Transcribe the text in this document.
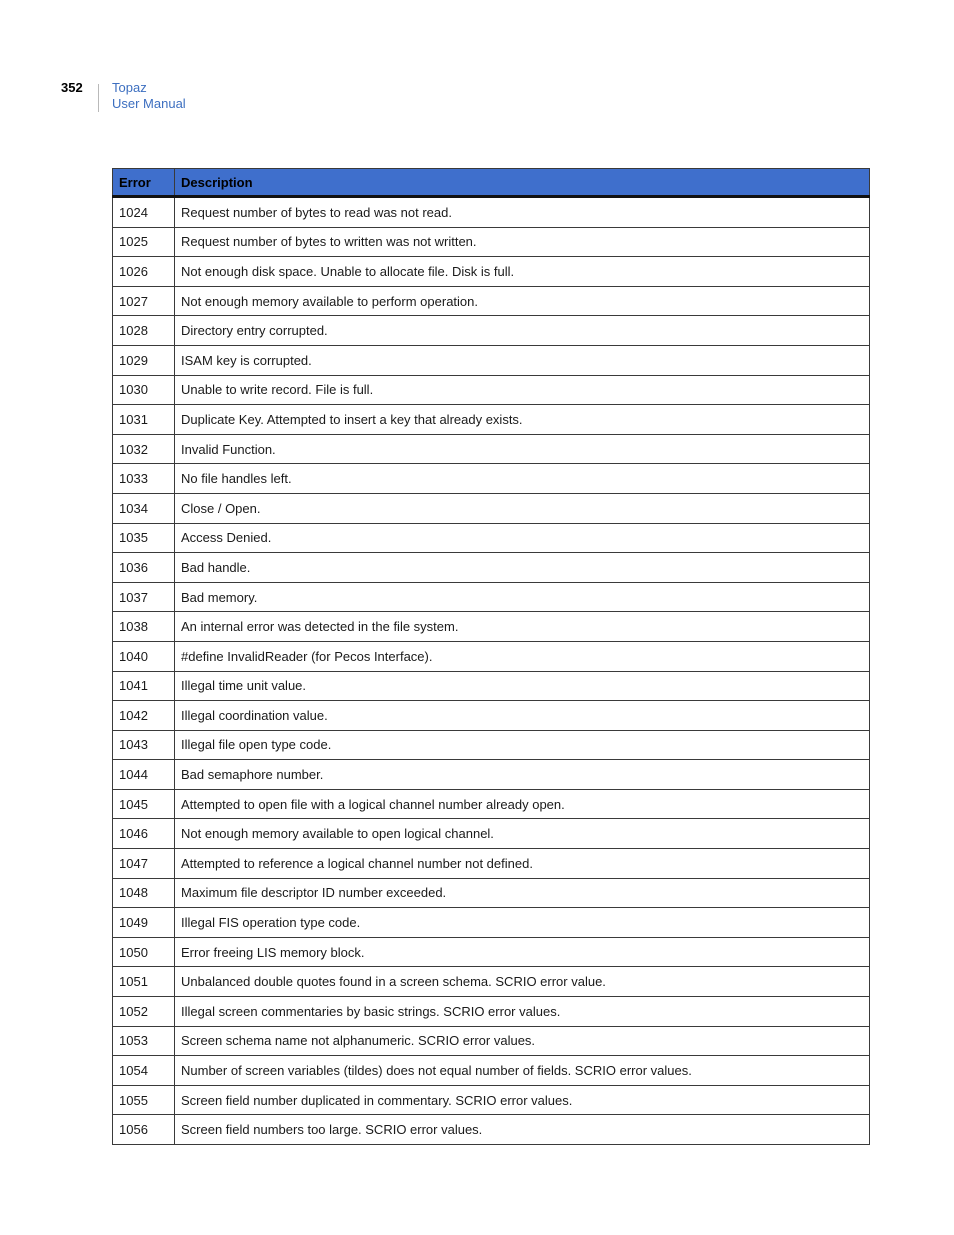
352 Topaz
User Manual
Error	Description
1024	Request number of bytes to read was not read.
1025	Request number of bytes to written was not written.
1026	Not enough disk space. Unable to allocate file. Disk is full.
1027	Not enough memory available to perform operation.
1028	Directory entry corrupted.
1029	ISAM key is corrupted.
1030	Unable to write record. File is full.
1031	Duplicate Key. Attempted to insert a key that already exists.
1032	Invalid Function.
1033	No file handles left.
1034	Close / Open.
1035	Access Denied.
1036	Bad handle.
1037	Bad memory.
1038	An internal error was detected in the file system.
1040	#define InvalidReader (for Pecos Interface).
1041	Illegal time unit value.
1042	Illegal coordination value.
1043	Illegal file open type code.
1044	Bad semaphore number.
1045	Attempted to open file with a logical channel number already open.
1046	Not enough memory available to open logical channel.
1047	Attempted to reference a logical channel number not defined.
1048	Maximum file descriptor ID number exceeded.
1049	Illegal FIS operation type code.
1050	Error freeing LIS memory block.
1051	Unbalanced double quotes found in a screen schema. SCRIO error value.
1052	Illegal screen commentaries by basic strings. SCRIO error values.
1053	Screen schema name not alphanumeric. SCRIO error values.
1054	Number of screen variables (tildes) does not equal number of fields. SCRIO error values.
1055	Screen field number duplicated in commentary. SCRIO error values.
1056	Screen field numbers too large. SCRIO error values.
